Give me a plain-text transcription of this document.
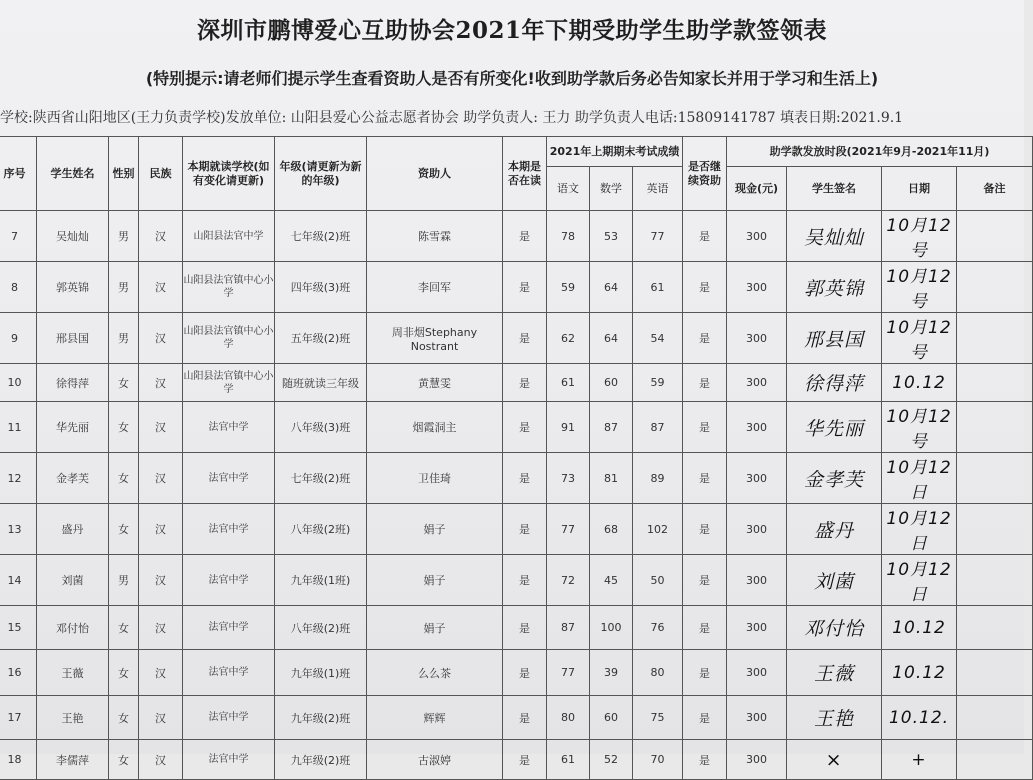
深圳市鹏博爱心互助协会2021年下期受助学生助学款签领表
(特别提示:请老师们提示学生查看资助人是否有所变化!收到助学款后务必告知家长并用于学习和生活上)
学校:陕西省山阳地区(王力负责学校)发放单位: 山阳县爱心公益志愿者协会 助学负责人: 王力 助学负责人电话:15809141787 填表日期:2021.9.1
序号	学生姓名	性别	民族	本期就读学校(如有变化请更新)	年级(请更新为新的年级)	资助人	本期是否在读	2021年上期期末考试成绩			是否继续资助	助学款发放时段(2021年9月-2021年11月)			
								语文	数学	英语		现金(元)	学生签名	日期	备注
7	吴灿灿	男	汉	山阳县法官中学	七年级(2)班	陈雪霖	是	78	53	77	是	300	吴灿灿	10月12号	
8	郭英锦	男	汉	山阳县法官镇中心小学	四年级(3)班	李回军	是	59	64	61	是	300	郭英锦	10月12号	
9	邢县国	男	汉	山阳县法官镇中心小学	五年级(2)班	周非烟Stephany Nostrant	是	62	64	54	是	300	邢县国	10月12号	
10	徐得萍	女	汉	山阳县法官镇中心小学	随班就读三年级	黄慧雯	是	61	60	59	是	300	徐得萍	10.12	
11	华先丽	女	汉	法官中学	八年级(3)班	烟霞洞主	是	91	87	87	是	300	华先丽	10月12号	
12	金孝芙	女	汉	法官中学	七年级(2)班	卫佳琦	是	73	81	89	是	300	金孝芙	10月12日	
13	盛丹	女	汉	法官中学	八年级(2班)	娟子	是	77	68	102	是	300	盛丹	10月12日	
14	刘菌	男	汉	法官中学	九年级(1班)	娟子	是	72	45	50	是	300	刘菌	10月12日	
15	邓付怡	女	汉	法官中学	八年级(2)班	娟子	是	87	100	76	是	300	邓付怡	10.12	
16	王薇	女	汉	法官中学	九年级(1)班	么么茶	是	77	39	80	是	300	王薇	10.12	
17	王艳	女	汉	法官中学	九年级(2)班	辉辉	是	80	60	75	是	300	王艳	10.12.	
18	李儒萍	女	汉	法官中学	九年级(2)班	古淑婷	是	61	52	70	是	300	×	+	
